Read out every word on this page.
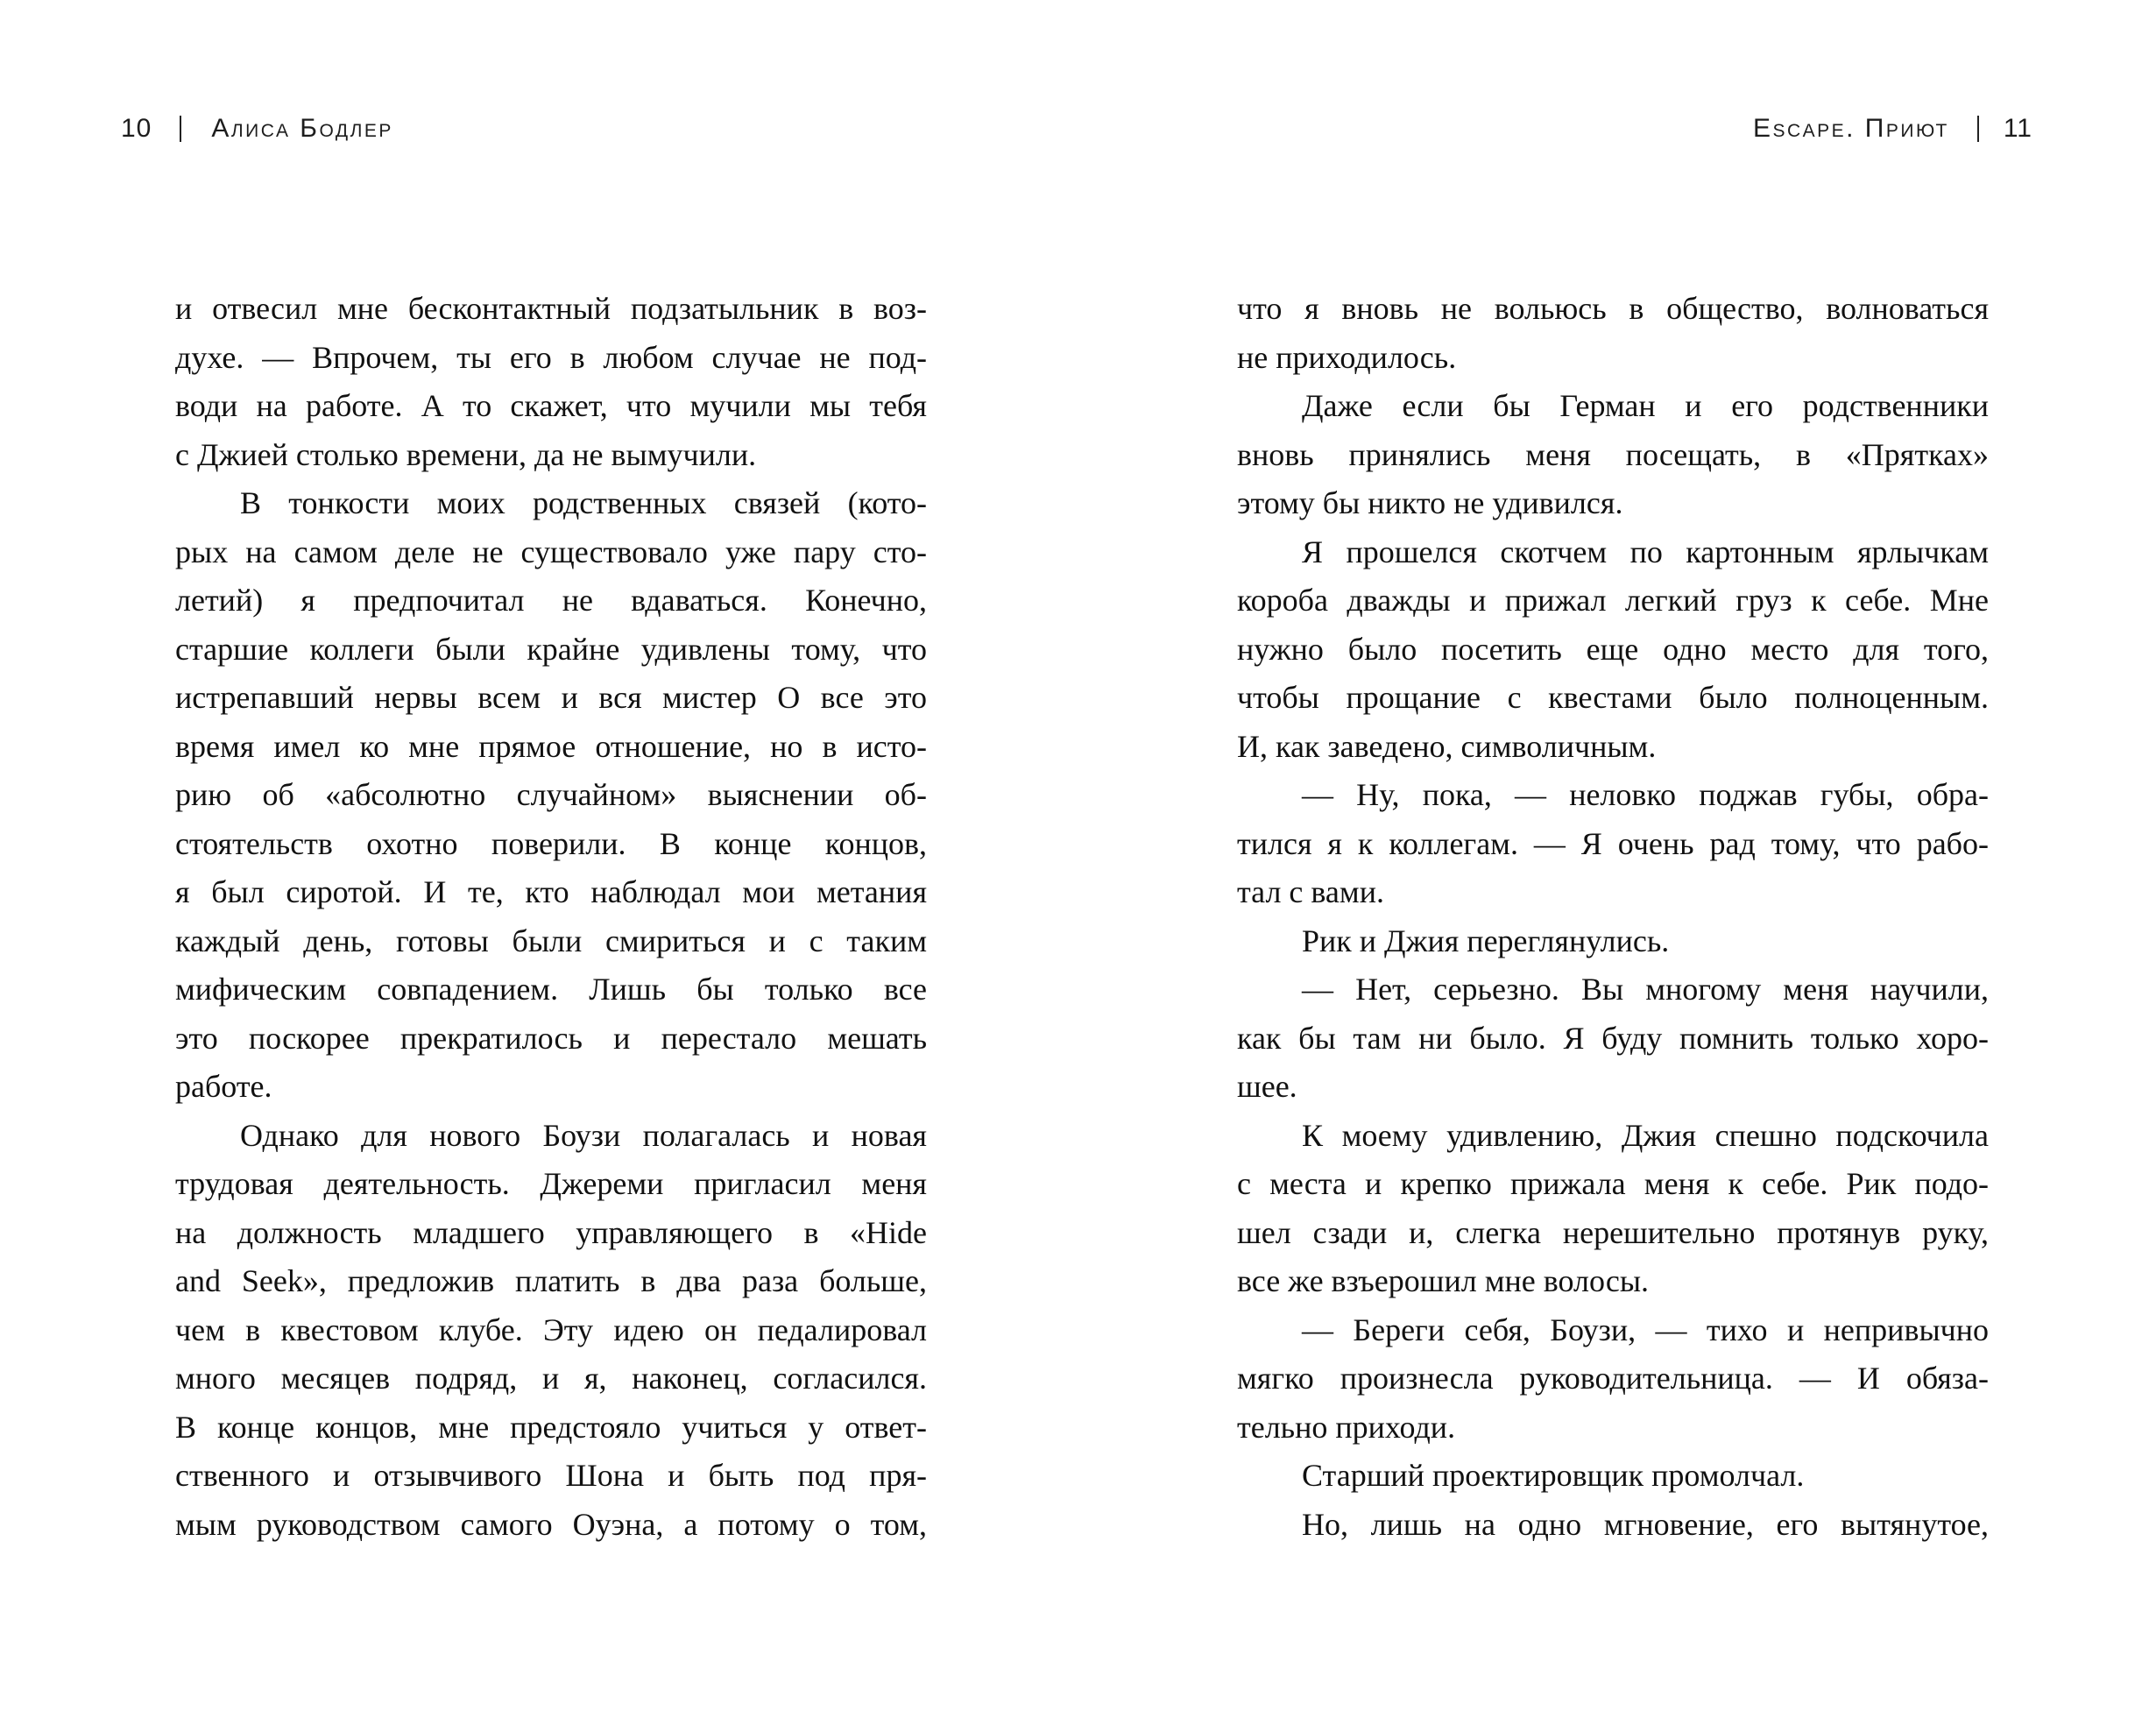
10 Алиса Бодлер
и отвесил мне бесконтактный подзатыльник в воз-
духе. — Впрочем, ты его в любом случае не под-
води на работе. А то скажет, что мучили мы тебя
с Джией столько времени, да не вымучили.
В тонкости моих родственных связей (кото-
рых на самом деле не существовало уже пару сто-
летий) я предпочитал не вдаваться. Конечно,
старшие коллеги были крайне удивлены тому, что
истрепавший нервы всем и вся мистер О все это
время имел ко мне прямое отношение, но в исто-
рию об «абсолютно случайном» выяснении об-
стоятельств охотно поверили. В конце концов,
я был сиротой. И те, кто наблюдал мои метания
каждый день, готовы были смириться и с таким
мифическим совпадением. Лишь бы только все
это поскорее прекратилось и перестало мешать
работе.
Однако для нового Боузи полагалась и новая
трудовая деятельность. Джереми пригласил меня
на должность младшего управляющего в «Hide
and Seek», предложив платить в два раза больше,
чем в квестовом клубе. Эту идею он педалировал
много месяцев подряд, и я, наконец, согласился.
В конце концов, мне предстояло учиться у ответ-
ственного и отзывчивого Шона и быть под пря-
мым руководством самого Оуэна, а потому о том,
Escape. Приют 11
что я вновь не вольюсь в общество, волноваться
не приходилось.
Даже если бы Герман и его родственники
вновь принялись меня посещать, в «Прятках»
этому бы никто не удивился.
Я прошелся скотчем по картонным ярлычкам
короба дважды и прижал легкий груз к себе. Мне
нужно было посетить еще одно место для того,
чтобы прощание с квестами было полноценным.
И, как заведено, символичным.
— Ну, пока, — неловко поджав губы, обра-
тился я к коллегам. — Я очень рад тому, что рабо-
тал с вами.
Рик и Джия переглянулись.
— Нет, серьезно. Вы многому меня научили,
как бы там ни было. Я буду помнить только хоро-
шее.
К моему удивлению, Джия спешно подскочила
с места и крепко прижала меня к себе. Рик подо-
шел сзади и, слегка нерешительно протянув руку,
все же взъерошил мне волосы.
— Береги себя, Боузи, — тихо и непривычно
мягко произнесла руководительница. — И обяза-
тельно приходи.
Старший проектировщик промолчал.
Но, лишь на одно мгновение, его вытянутое,
